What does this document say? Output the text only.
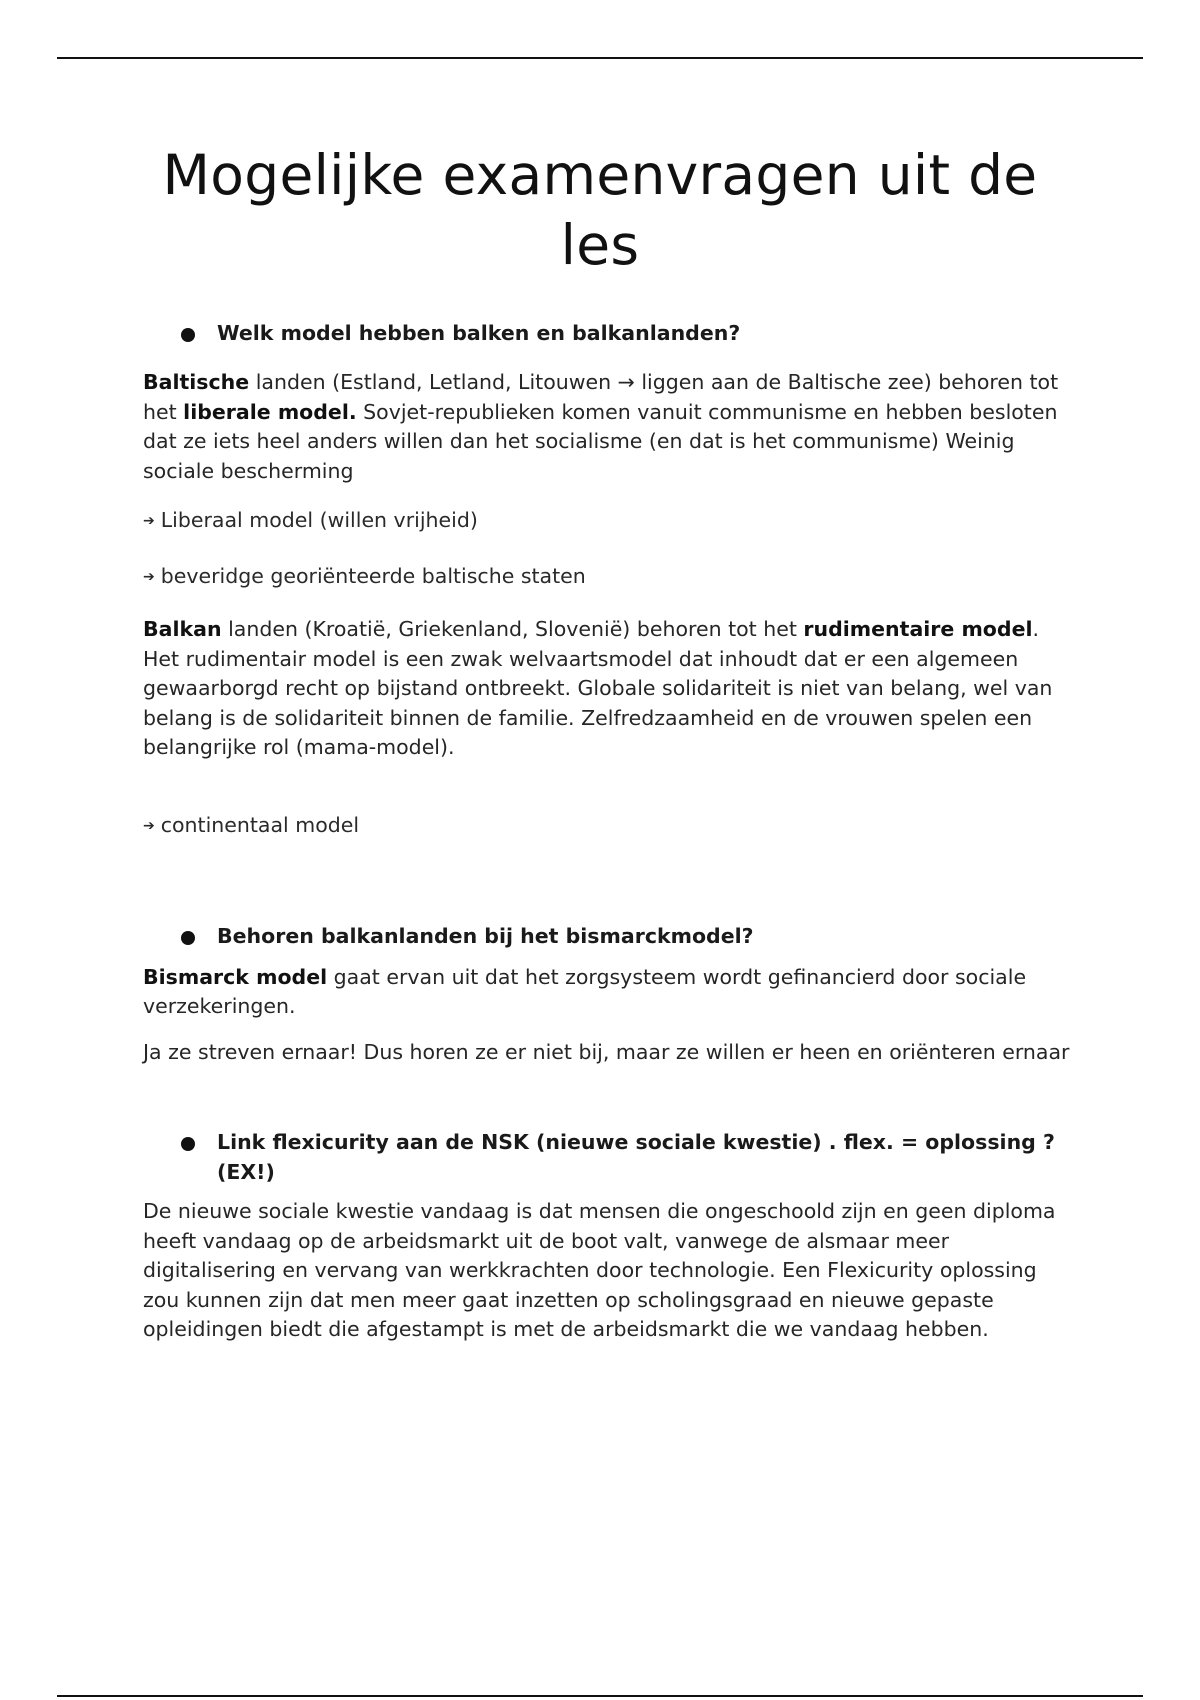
Mogelijke examenvragen uit de les

Welk model hebben balken en balkanlanden?

Baltische landen (Estland, Letland, Litouwen → liggen aan de Baltische zee) behoren tot het liberale model. Sovjet-republieken komen vanuit communisme en hebben besloten dat ze iets heel anders willen dan het socialisme (en dat is het communisme) Weinig sociale bescherming

➔ Liberaal model (willen vrijheid)

➔ beveridge georiënteerde baltische staten

Balkan landen (Kroatië, Griekenland, Slovenië) behoren tot het rudimentaire model. Het rudimentair model is een zwak welvaartsmodel dat inhoudt dat er een algemeen gewaarborgd recht op bijstand ontbreekt. Globale solidariteit is niet van belang, wel van belang is de solidariteit binnen de familie. Zelfredzaamheid en de vrouwen spelen een belangrijke rol (mama-model).

➔ continentaal model

Behoren balkanlanden bij het bismarckmodel?

Bismarck model gaat ervan uit dat het zorgsysteem wordt gefinancierd door sociale verzekeringen.

Ja ze streven ernaar! Dus horen ze er niet bij, maar ze willen er heen en oriënteren ernaar

Link flexicurity aan de NSK (nieuwe sociale kwestie) . flex. = oplossing ? (EX!)

De nieuwe sociale kwestie vandaag is dat mensen die ongeschoold zijn en geen diploma heeft vandaag op de arbeidsmarkt uit de boot valt, vanwege de alsmaar meer digitalisering en vervang van werkkrachten door technologie. Een Flexicurity oplossing zou kunnen zijn dat men meer gaat inzetten op scholingsgraad en nieuwe gepaste opleidingen biedt die afgestampt is met de arbeidsmarkt die we vandaag hebben.
